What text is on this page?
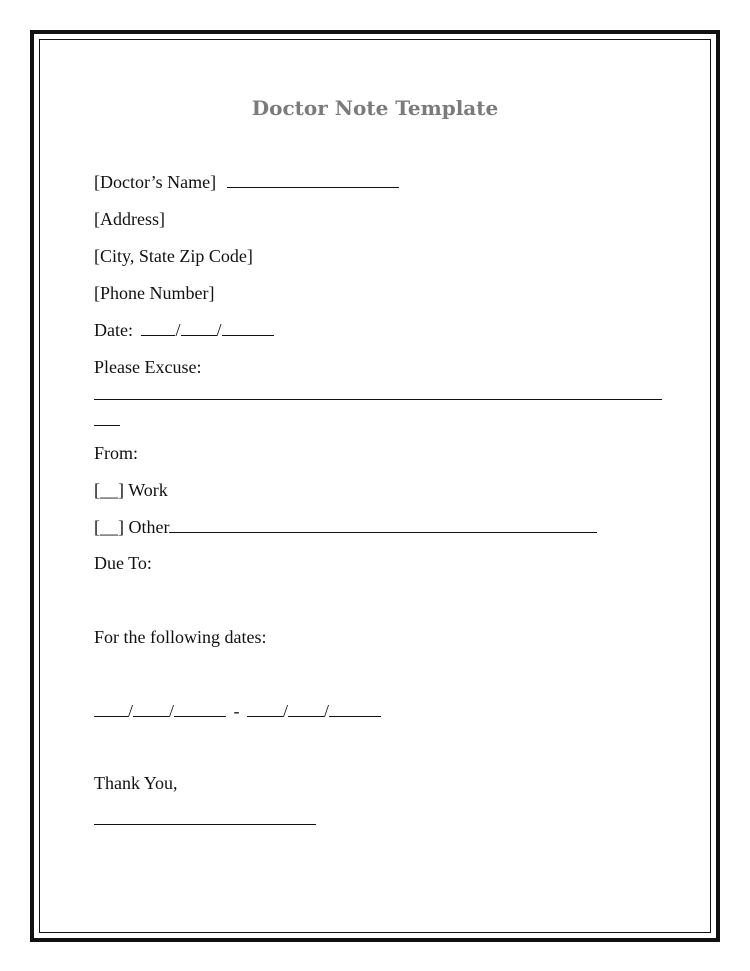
Doctor Note Template
[Doctor’s Name]
[Address]
[City, State Zip Code]
[Phone Number]
Date: / /
Please Excuse:
From:
[__] Work
[__] Other
Due To:
For the following dates:
/ /	- / /
Thank You,
